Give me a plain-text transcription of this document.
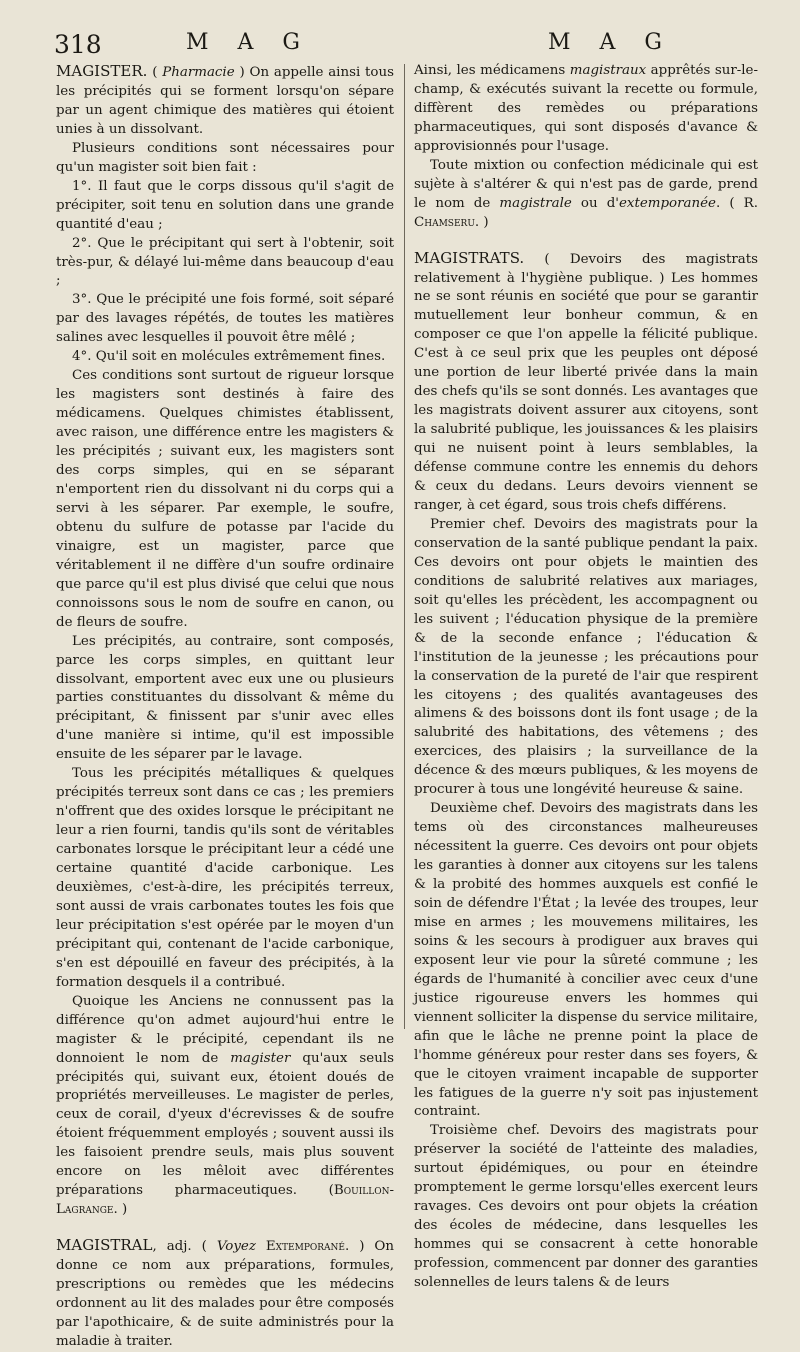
318	M A G	M A G

MAGISTER. ( Pharmacie ) On appelle ainsi tous les précipités qui se forment lorsqu'on sépare par un agent chimique des matières qui étoient unies à un dissolvant.

Plusieurs conditions sont nécessaires pour qu'un magister soit bien fait :

1°. Il faut que le corps dissous qu'il s'agit de précipiter, soit tenu en solution dans une grande quantité d'eau ;

2°. Que le précipitant qui sert à l'obtenir, soit très-pur, & délayé lui-même dans beaucoup d'eau ;

3°. Que le précipité une fois formé, soit séparé par des lavages répétés, de toutes les matières salines avec lesquelles il pouvoit être mêlé ;

4°. Qu'il soit en molécules extrêmement fines.

Ces conditions sont surtout de rigueur lorsque les magisters sont destinés à faire des médicamens. Quelques chimistes établissent, avec raison, une différence entre les magisters & les précipités ; suivant eux, les magisters sont des corps simples, qui en se séparant n'emportent rien du dissolvant ni du corps qui a servi à les séparer. Par exemple, le soufre, obtenu du sulfure de potasse par l'acide du vinaigre, est un magister, parce que véritablement il ne diffère d'un soufre ordinaire que parce qu'il est plus divisé que celui que nous connoissons sous le nom de soufre en canon, ou de fleurs de soufre.

Les précipités, au contraire, sont composés, parce les corps simples, en quittant leur dissolvant, emportent avec eux une ou plusieurs parties constituantes du dissolvant & même du précipitant, & finissent par s'unir avec elles d'une manière si intime, qu'il est impossible ensuite de les séparer par le lavage.

Tous les précipités métalliques & quelques précipités terreux sont dans ce cas ; les premiers n'offrent que des oxides lorsque le précipitant ne leur a rien fourni, tandis qu'ils sont de véritables carbonates lorsque le précipitant leur a cédé une certaine quantité d'acide carbonique. Les deuxièmes, c'est-à-dire, les précipités terreux, sont aussi de vrais carbonates toutes les fois que leur précipitation s'est opérée par le moyen d'un précipitant qui, contenant de l'acide carbonique, s'en est dépouillé en faveur des précipités, à la formation desquels il a contribué.

Quoique les Anciens ne connussent pas la différence qu'on admet aujourd'hui entre le magister & le précipité, cependant ils ne donnoient le nom de magister qu'aux seuls précipités qui, suivant eux, étoient doués de propriétés merveilleuses. Le magister de perles, ceux de corail, d'yeux d'écrevisses & de soufre étoient fréquemment employés ; souvent aussi ils les faisoient prendre seuls, mais plus souvent encore on les mêloit avec différentes préparations pharmaceutiques. (Bouillon-Lagrange. )

MAGISTRAL, adj. ( Voyez Extemporané. ) On donne ce nom aux préparations, formules, prescriptions ou remèdes que les médecins ordonnent au lit des malades pour être composés par l'apothicaire, & de suite administrés pour la maladie à traiter.

Ainsi, les médicamens magistraux apprêtés sur-le-champ, & exécutés suivant la recette ou formule, diffèrent des remèdes ou préparations pharmaceutiques, qui sont disposés d'avance & approvisionnés pour l'usage.

Toute mixtion ou confection médicinale qui est sujète à s'altérer & qui n'est pas de garde, prend le nom de magistrale ou d'extemporanée. ( R. Chamseru. )

MAGISTRATS. ( Devoirs des magistrats relativement à l'hygiène publique. ) Les hommes ne se sont réunis en société que pour se garantir mutuellement leur bonheur commun, & en composer ce que l'on appelle la félicité publique. C'est à ce seul prix que les peuples ont déposé une portion de leur liberté privée dans la main des chefs qu'ils se sont donnés. Les avantages que les magistrats doivent assurer aux citoyens, sont la salubrité publique, les jouissances & les plaisirs qui ne nuisent point à leurs semblables, la défense commune contre les ennemis du dehors & ceux du dedans. Leurs devoirs viennent se ranger, à cet égard, sous trois chefs différens.

Premier chef. Devoirs des magistrats pour la conservation de la santé publique pendant la paix. Ces devoirs ont pour objets le maintien des conditions de salubrité relatives aux mariages, soit qu'elles les précèdent, les accompagnent ou les suivent ; l'éducation physique de la première & de la seconde enfance ; l'éducation & l'institution de la jeunesse ; les précautions pour la conservation de la pureté de l'air que respirent les citoyens ; des qualités avantageuses des alimens & des boissons dont ils font usage ; de la salubrité des habitations, des vêtemens ; des exercices, des plaisirs ; la surveillance de la décence & des mœurs publiques, & les moyens de procurer à tous une longévité heureuse & saine.

Deuxième chef. Devoirs des magistrats dans les tems où des circonstances malheureuses nécessitent la guerre. Ces devoirs ont pour objets les garanties à donner aux citoyens sur les talens & la probité des hommes auxquels est confié le soin de défendre l'État ; la levée des troupes, leur mise en armes ; les mouvemens militaires, les soins & les secours à prodiguer aux braves qui exposent leur vie pour la sûreté commune ; les égards de l'humanité à concilier avec ceux d'une justice rigoureuse envers les hommes qui viennent solliciter la dispense du service militaire, afin que le lâche ne prenne point la place de l'homme généreux pour rester dans ses foyers, & que le citoyen vraiment incapable de supporter les fatigues de la guerre n'y soit pas injustement contraint.

Troisième chef. Devoirs des magistrats pour préserver la société de l'atteinte des maladies, surtout épidémiques, ou pour en éteindre promptement le germe lorsqu'elles exercent leurs ravages. Ces devoirs ont pour objets la création des écoles de médecine, dans lesquelles les hommes qui se consacrent à cette honorable profession, commencent par donner des garanties solennelles de leurs talens & de leurs
